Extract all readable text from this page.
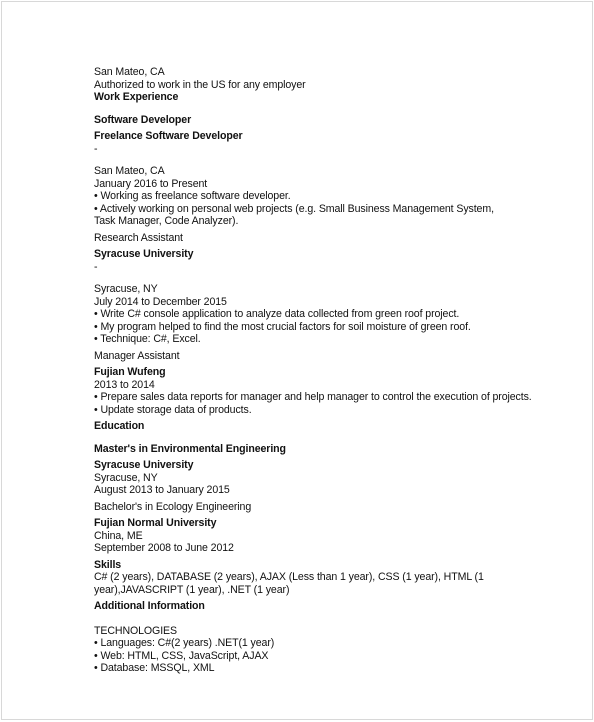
San Mateo, CA
Authorized to work in the US for any employer
Work Experience
Software Developer
Freelance Software Developer
-
San Mateo, CA
January 2016 to Present
• Working as freelance software developer.
• Actively working on personal web projects (e.g. Small Business Management System, Task Manager, Code Analyzer).
Research Assistant
Syracuse University
-
Syracuse, NY
July 2014 to December 2015
• Write C# console application to analyze data collected from green roof project.
• My program helped to find the most crucial factors for soil moisture of green roof.
• Technique: C#, Excel.
Manager Assistant
Fujian Wufeng
2013 to 2014
• Prepare sales data reports for manager and help manager to control the execution of projects.
• Update storage data of products.
Education
Master's in Environmental Engineering
Syracuse University
Syracuse, NY
August 2013 to January 2015
Bachelor's in Ecology Engineering
Fujian Normal University
China, ME
September 2008 to June 2012
Skills
C# (2 years), DATABASE (2 years), AJAX (Less than 1 year), CSS (1 year), HTML (1 year),JAVASCRIPT (1 year), .NET (1 year)
Additional Information
TECHNOLOGIES
• Languages: C#(2 years) .NET(1 year)
• Web: HTML, CSS, JavaScript, AJAX
• Database: MSSQL, XML
